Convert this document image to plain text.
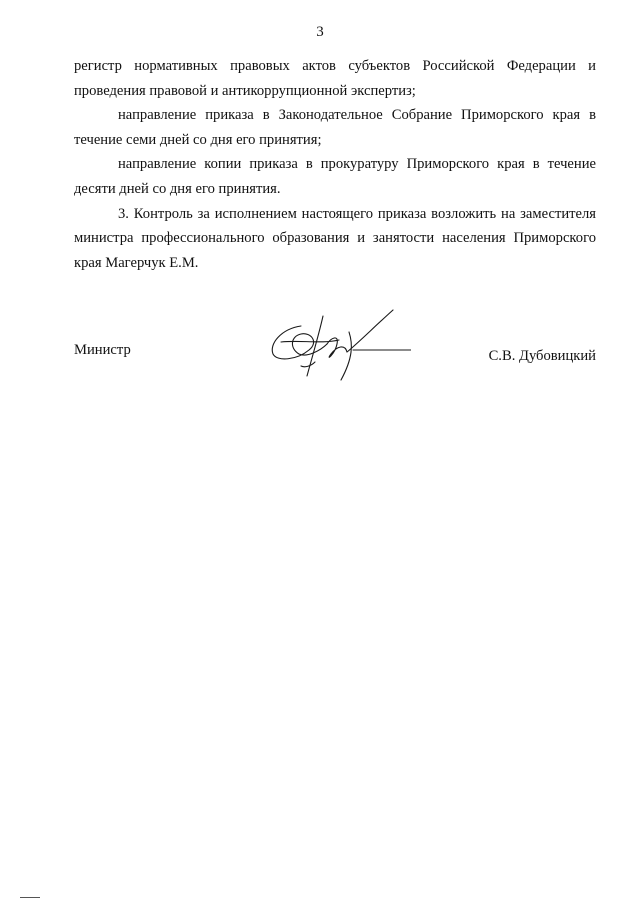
3

регистр нормативных правовых актов субъектов Российской Федерации и проведения правовой и антикоррупционной экспертиз;

направление приказа в Законодательное Собрание Приморского края в течение семи дней со дня его принятия;

направление копии приказа в прокуратуру Приморского края в течение десяти дней со дня его принятия.

3. Контроль за исполнением настоящего приказа возложить на заместителя министра профессионального образования и занятости населения Приморского края Магерчук Е.М.

Министр	С.В. Дубовицкий
